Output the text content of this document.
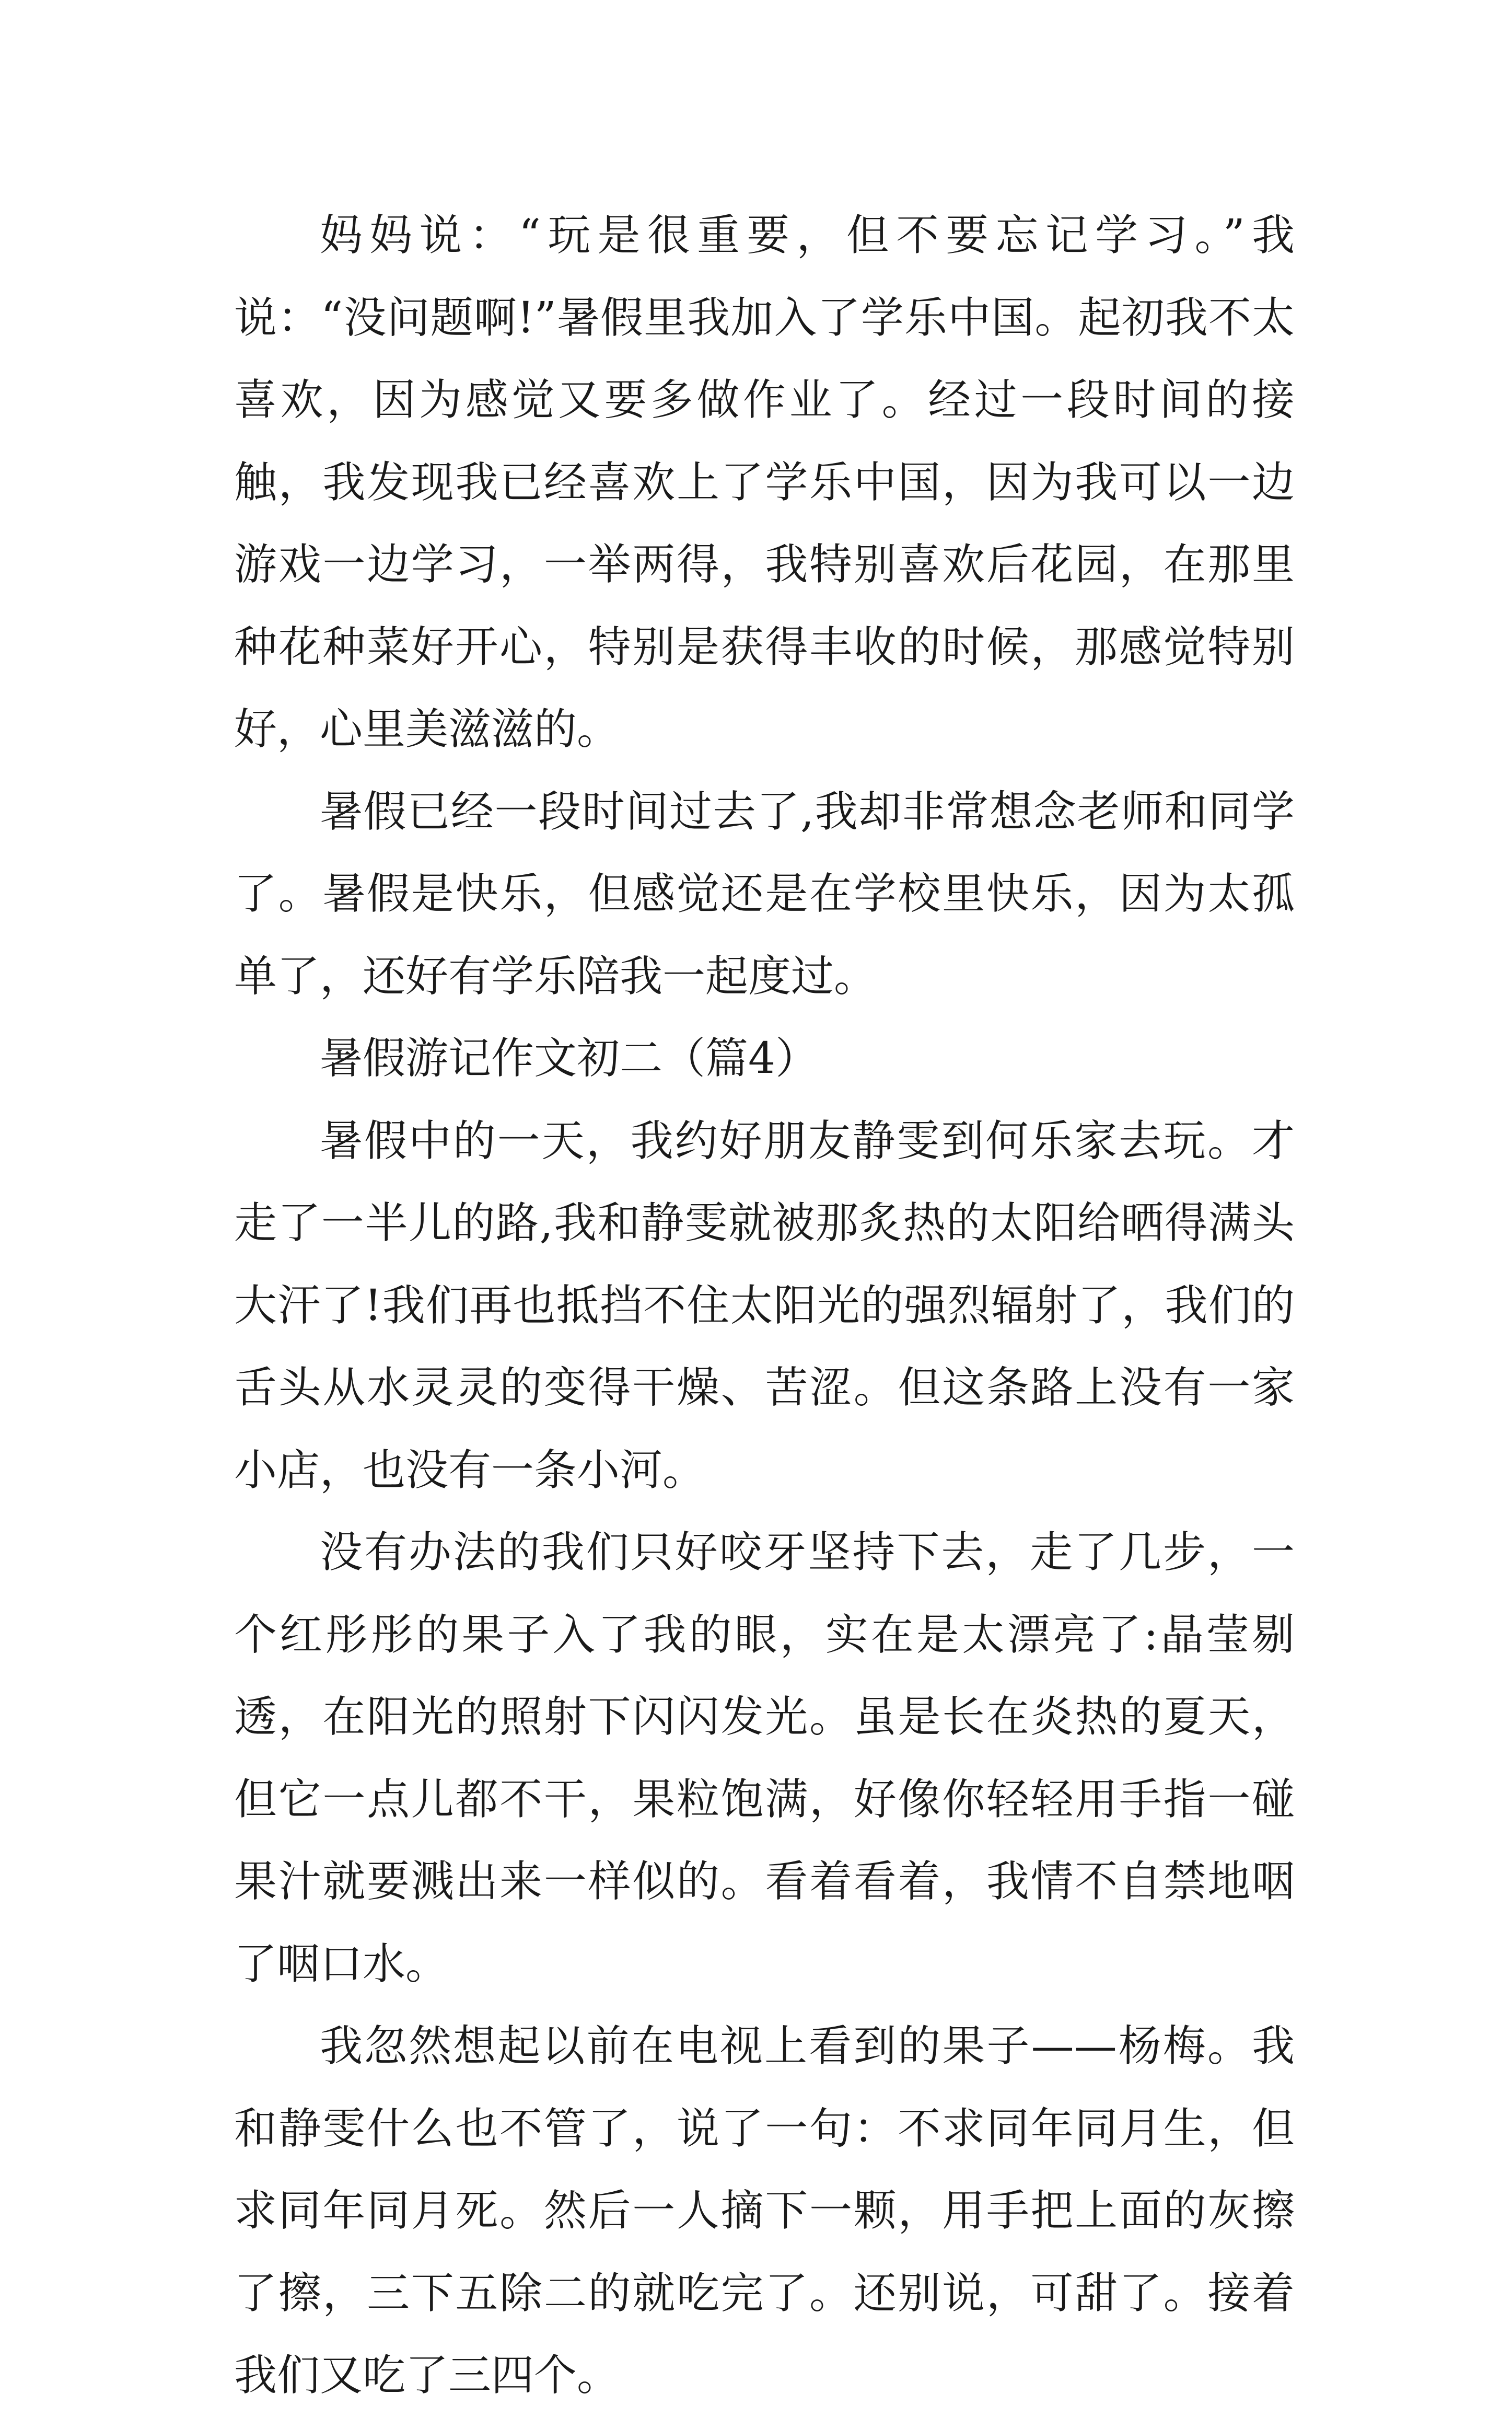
妈妈说：“玩是很重要，但不要忘记学习。”我说：“没问题啊!”暑假里我加入了学乐中国。起初我不太喜欢，因为感觉又要多做作业了。经过一段时间的接触，我发现我已经喜欢上了学乐中国，因为我可以一边游戏一边学习，一举两得，我特别喜欢后花园，在那里种花种菜好开心，特别是获得丰收的时候，那感觉特别好，心里美滋滋的。

暑假已经一段时间过去了,我却非常想念老师和同学了。暑假是快乐，但感觉还是在学校里快乐，因为太孤单了，还好有学乐陪我一起度过。

暑假游记作文初二（篇4）

暑假中的一天，我约好朋友静雯到何乐家去玩。才走了一半儿的路,我和静雯就被那炙热的太阳给晒得满头大汗了!我们再也抵挡不住太阳光的强烈辐射了，我们的舌头从水灵灵的变得干燥、苦涩。但这条路上没有一家小店，也没有一条小河。

没有办法的我们只好咬牙坚持下去，走了几步，一个红彤彤的果子入了我的眼，实在是太漂亮了:晶莹剔透，在阳光的照射下闪闪发光。虽是长在炎热的夏天，但它一点儿都不干，果粒饱满，好像你轻轻用手指一碰果汁就要溅出来一样似的。看着看着，我情不自禁地咽了咽口水。

我忽然想起以前在电视上看到的果子——杨梅。我和静雯什么也不管了，说了一句：不求同年同月生，但求同年同月死。然后一人摘下一颗，用手把上面的灰擦了擦，三下五除二的就吃完了。还别说，可甜了。接着我们又吃了三四个。
